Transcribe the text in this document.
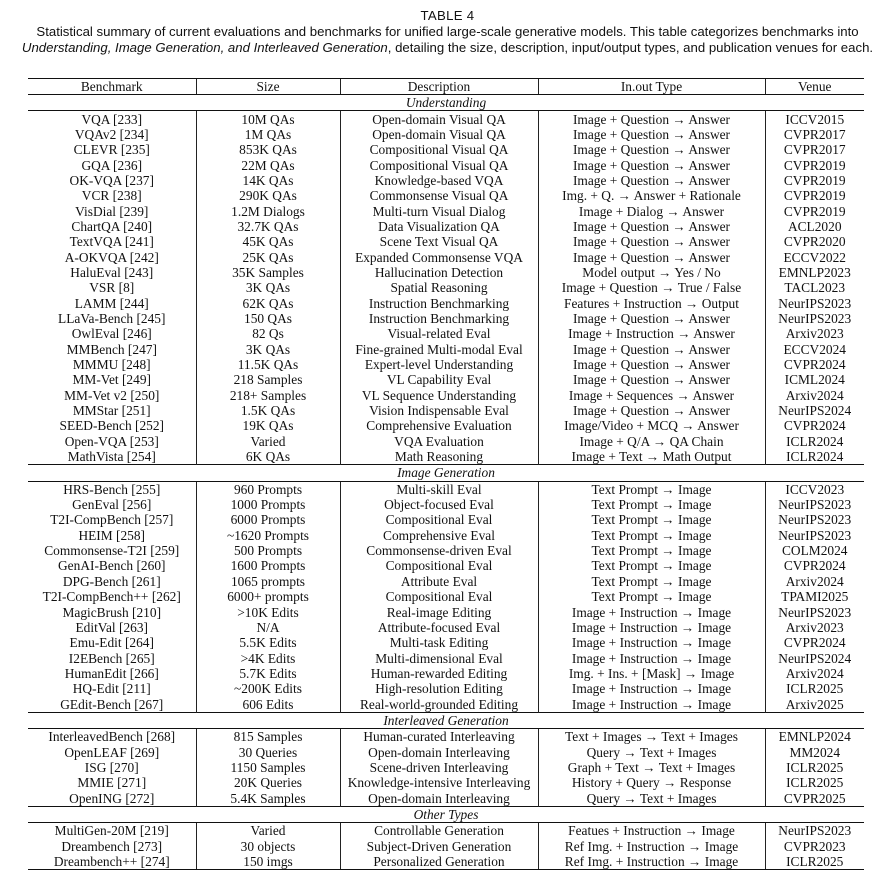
TABLE 4
Statistical summary of current evaluations and benchmarks for unified large-scale generative models. This table categorizes benchmarks into
Understanding, Image Generation, and Interleaved Generation, detailing the size, description, input/output types, and publication venues for each.
Benchmark	Size	Description	In.out Type	Venue
Understanding				
VQA [233]	10M QAs	Open-domain Visual QA	Image + Question → Answer	ICCV2015
VQAv2 [234]	1M QAs	Open-domain Visual QA	Image + Question → Answer	CVPR2017
CLEVR [235]	853K QAs	Compositional Visual QA	Image + Question → Answer	CVPR2017
GQA [236]	22M QAs	Compositional Visual QA	Image + Question → Answer	CVPR2019
OK-VQA [237]	14K QAs	Knowledge-based VQA	Image + Question → Answer	CVPR2019
VCR [238]	290K QAs	Commonsense Visual QA	Img. + Q. → Answer + Rationale	CVPR2019
VisDial [239]	1.2M Dialogs	Multi-turn Visual Dialog	Image + Dialog → Answer	CVPR2019
ChartQA [240]	32.7K QAs	Data Visualization QA	Image + Question → Answer	ACL2020
TextVQA [241]	45K QAs	Scene Text Visual QA	Image + Question → Answer	CVPR2020
A-OKVQA [242]	25K QAs	Expanded Commonsense VQA	Image + Question → Answer	ECCV2022
HaluEval [243]	35K Samples	Hallucination Detection	Model output → Yes / No	EMNLP2023
VSR [8]	3K QAs	Spatial Reasoning	Image + Question → True / False	TACL2023
LAMM [244]	62K QAs	Instruction Benchmarking	Features + Instruction → Output	NeurIPS2023
LLaVa-Bench [245]	150 QAs	Instruction Benchmarking	Image + Question → Answer	NeurIPS2023
OwlEval [246]	82 Qs	Visual-related Eval	Image + Instruction → Answer	Arxiv2023
MMBench [247]	3K QAs	Fine-grained Multi-modal Eval	Image + Question → Answer	ECCV2024
MMMU [248]	11.5K QAs	Expert-level Understanding	Image + Question → Answer	CVPR2024
MM-Vet [249]	218 Samples	VL Capability Eval	Image + Question → Answer	ICML2024
MM-Vet v2 [250]	218+ Samples	VL Sequence Understanding	Image + Sequences → Answer	Arxiv2024
MMStar [251]	1.5K QAs	Vision Indispensable Eval	Image + Question → Answer	NeurIPS2024
SEED-Bench [252]	19K QAs	Comprehensive Evaluation	Image/Video + MCQ → Answer	CVPR2024
Open-VQA [253]	Varied	VQA Evaluation	Image + Q/A → QA Chain	ICLR2024
MathVista [254]	6K QAs	Math Reasoning	Image + Text → Math Output	ICLR2024
Image Generation				
HRS-Bench [255]	960 Prompts	Multi-skill Eval	Text Prompt → Image	ICCV2023
GenEval [256]	1000 Prompts	Object-focused Eval	Text Prompt → Image	NeurIPS2023
T2I-CompBench [257]	6000 Prompts	Compositional Eval	Text Prompt → Image	NeurIPS2023
HEIM [258]	~1620 Prompts	Comprehensive Eval	Text Prompt → Image	NeurIPS2023
Commonsense-T2I [259]	500 Prompts	Commonsense-driven Eval	Text Prompt → Image	COLM2024
GenAI-Bench [260]	1600 Prompts	Compositional Eval	Text Prompt → Image	CVPR2024
DPG-Bench [261]	1065 prompts	Attribute Eval	Text Prompt → Image	Arxiv2024
T2I-CompBench++ [262]	6000+ prompts	Compositional Eval	Text Prompt → Image	TPAMI2025
MagicBrush [210]	>10K Edits	Real-image Editing	Image + Instruction → Image	NeurIPS2023
EditVal [263]	N/A	Attribute-focused Eval	Image + Instruction → Image	Arxiv2023
Emu-Edit [264]	5.5K Edits	Multi-task Editing	Image + Instruction → Image	CVPR2024
I2EBench [265]	>4K Edits	Multi-dimensional Eval	Image + Instruction → Image	NeurIPS2024
HumanEdit [266]	5.7K Edits	Human-rewarded Editing	Img. + Ins. + [Mask] → Image	Arxiv2024
HQ-Edit [211]	~200K Edits	High-resolution Editing	Image + Instruction → Image	ICLR2025
GEdit-Bench [267]	606 Edits	Real-world-grounded Editing	Image + Instruction → Image	Arxiv2025
Interleaved Generation				
InterleavedBench [268]	815 Samples	Human-curated Interleaving	Text + Images → Text + Images	EMNLP2024
OpenLEAF [269]	30 Queries	Open-domain Interleaving	Query → Text + Images	MM2024
ISG [270]	1150 Samples	Scene-driven Interleaving	Graph + Text → Text + Images	ICLR2025
MMIE [271]	20K Queries	Knowledge-intensive Interleaving	History + Query → Response	ICLR2025
OpenING [272]	5.4K Samples	Open-domain Interleaving	Query → Text + Images	CVPR2025
Other Types				
MultiGen-20M [219]	Varied	Controllable Generation	Featues + Instruction → Image	NeurIPS2023
Dreambench [273]	30 objects	Subject-Driven Generation	Ref Img. + Instruction → Image	CVPR2023
Dreambench++ [274]	150 imgs	Personalized Generation	Ref Img. + Instruction → Image	ICLR2025
